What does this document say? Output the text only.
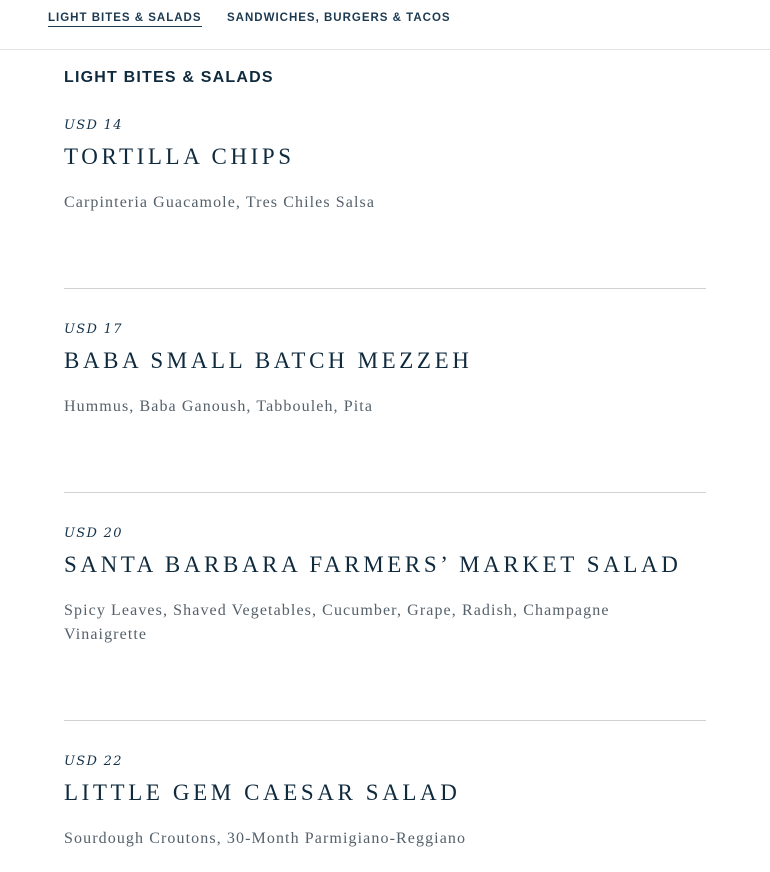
LIGHT BITES & SALADS SANDWICHES, BURGERS & TACOS
LIGHT BITES & SALADS
USD 14
TORTILLA CHIPS
Carpinteria Guacamole, Tres Chiles Salsa
USD 17
BABA SMALL BATCH MEZZEH
Hummus, Baba Ganoush, Tabbouleh, Pita
USD 20
SANTA BARBARA FARMERS’ MARKET SALAD
Spicy Leaves, Shaved Vegetables, Cucumber, Grape, Radish, Champagne Vinaigrette
USD 22
LITTLE GEM CAESAR SALAD
Sourdough Croutons, 30-Month Parmigiano-Reggiano
